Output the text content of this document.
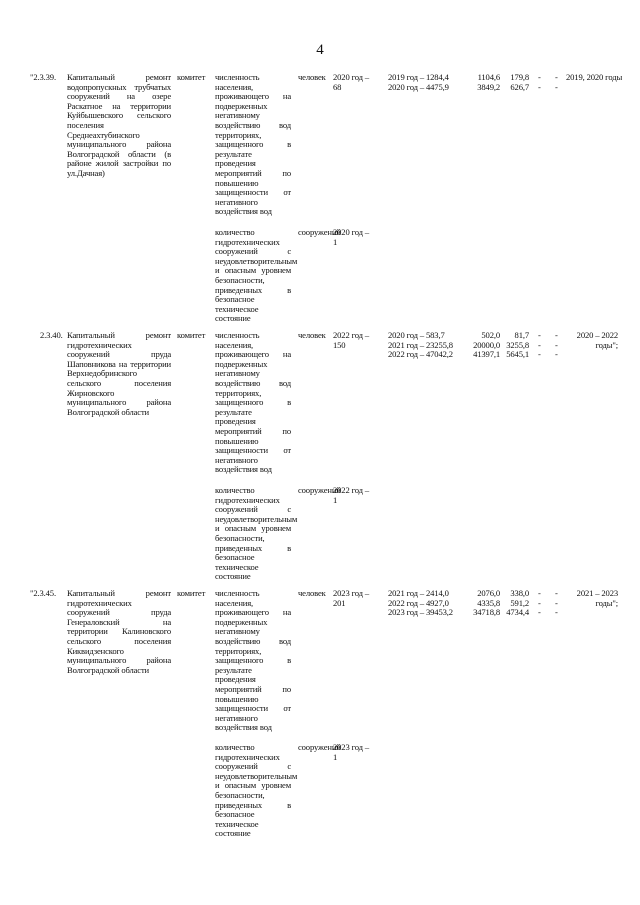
4
"2.3.39. Капитальный ремонт водопропускных трубчатых сооружений на озере Раскатное на территории Куйбышевского сельского поселения Среднеахтубинского муниципального района Волгоградской области (в районе жилой застройки по ул.Дачная)
комитет численность населения, проживающего на подверженных негативному воздействию вод территориях, защищенного в результате проведения мероприятий по повышению защищенности от негативного воздействия вод
человек 2020 год – 68
количество гидротехнических сооружений с неудовлетворительным и опасным уровнем безопасности, приведенных в безопасное техническое состояние
сооружений
2020 год – 1
2019 год – 1284,4
2020 год – 4475,9
1104,6
3849,2
179,8
626,7
-
-
-
-
2019, 2020 годы
2.3.40. Капитальный ремонт гидротехнических сооружений пруда Шаповникова на территории Верхнедобринского сельского поселения Жирновского муниципального района Волгоградской области
комитет численность населения, проживающего на подверженных негативному воздействию вод территориях, защищенного в результате проведения мероприятий по повышению защищенности от негативного воздействия вод
человек 2022 год – 150
количество гидротехнических сооружений с неудовлетворительным и опасным уровнем безопасности, приведенных в безопасное техническое состояние
сооружений
2022 год – 1
2020 год – 583,7
2021 год – 23255,8
2022 год – 47042,2
502,0
20000,0
41397,1
81,7
3255,8
5645,1
-
-
-
-
-
-
2020 – 2022 годы";
"2.3.45. Капитальный ремонт гидротехнических сооружений пруда Генераловский на территории Калиновского сельского поселения Киквидзенского муниципального района Волгоградской области
комитет численность населения, проживающего на подверженных негативному воздействию вод территориях, защищенного в результате проведения мероприятий по повышению защищенности от негативного воздействия вод
человек 2023 год – 201
количество гидротехнических сооружений с неудовлетворительным и опасным уровнем безопасности, приведенных в безопасное техническое состояние
сооружений
2023 год – 1
2021 год – 2414,0
2022 год – 4927,0
2023 год – 39453,2
2076,0
4335,8
34718,8
338,0
591,2
4734,4
-
-
-
-
-
-
2021 – 2023 годы";
